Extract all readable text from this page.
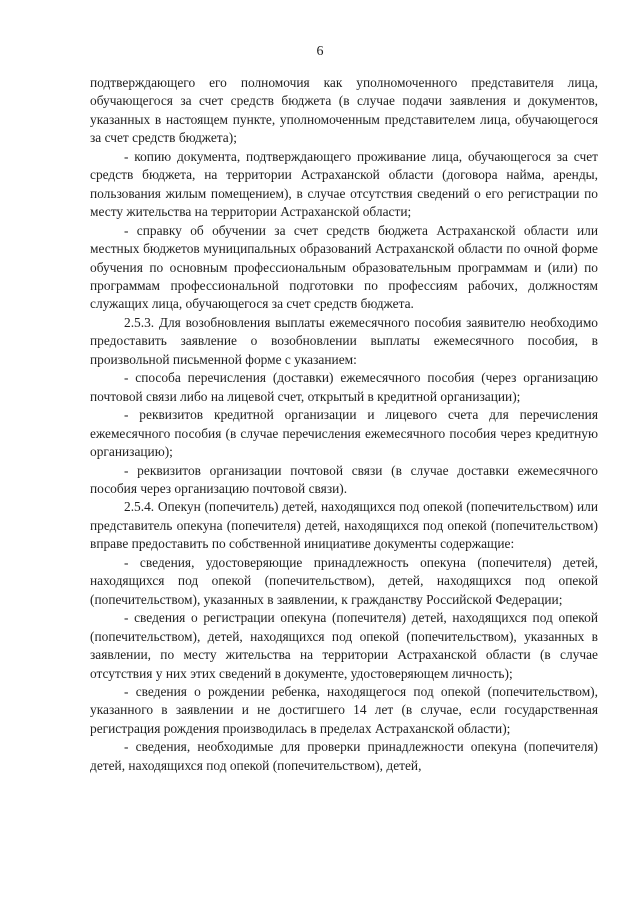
6

подтверждающего его полномочия как уполномоченного представителя лица, обучающегося за счет средств бюджета (в случае подачи заявления и документов, указанных в настоящем пункте, уполномоченным представителем лица, обучающегося за счет средств бюджета);

- копию документа, подтверждающего проживание лица, обучающегося за счет средств бюджета, на территории Астраханской области (договора найма, аренды, пользования жилым помещением), в случае отсутствия сведений о его регистрации по месту жительства на территории Астраханской области;

- справку об обучении за счет средств бюджета Астраханской области или местных бюджетов муниципальных образований Астраханской области по очной форме обучения по основным профессиональным образовательным программам и (или) по программам профессиональной подготовки по профессиям рабочих, должностям служащих лица, обучающегося за счет средств бюджета.

2.5.3. Для возобновления выплаты ежемесячного пособия заявителю необходимо предоставить заявление о возобновлении выплаты ежемесячного пособия, в произвольной письменной форме с указанием:

- способа перечисления (доставки) ежемесячного пособия (через организацию почтовой связи либо на лицевой счет, открытый в кредитной организации);

- реквизитов кредитной организации и лицевого счета для перечисления ежемесячного пособия (в случае перечисления ежемесячного пособия через кредитную организацию);

- реквизитов организации почтовой связи (в случае доставки ежемесячного пособия через организацию почтовой связи).

2.5.4. Опекун (попечитель) детей, находящихся под опекой (попечительством) или представитель опекуна (попечителя) детей, находящихся под опекой (попечительством) вправе предоставить по собственной инициативе документы содержащие:

- сведения, удостоверяющие принадлежность опекуна (попечителя) детей, находящихся под опекой (попечительством), детей, находящихся под опекой (попечительством), указанных в заявлении, к гражданству Российской Федерации;

- сведения о регистрации опекуна (попечителя) детей, находящихся под опекой (попечительством), детей, находящихся под опекой (попечительством), указанных в заявлении, по месту жительства на территории Астраханской области (в случае отсутствия у них этих сведений в документе, удостоверяющем личность);

- сведения о рождении ребенка, находящегося под опекой (попечительством), указанного в заявлении и не достигшего 14 лет (в случае, если государственная регистрация рождения производилась в пределах Астраханской области);

- сведения, необходимые для проверки принадлежности опекуна (попечителя) детей, находящихся под опекой (попечительством), детей,
